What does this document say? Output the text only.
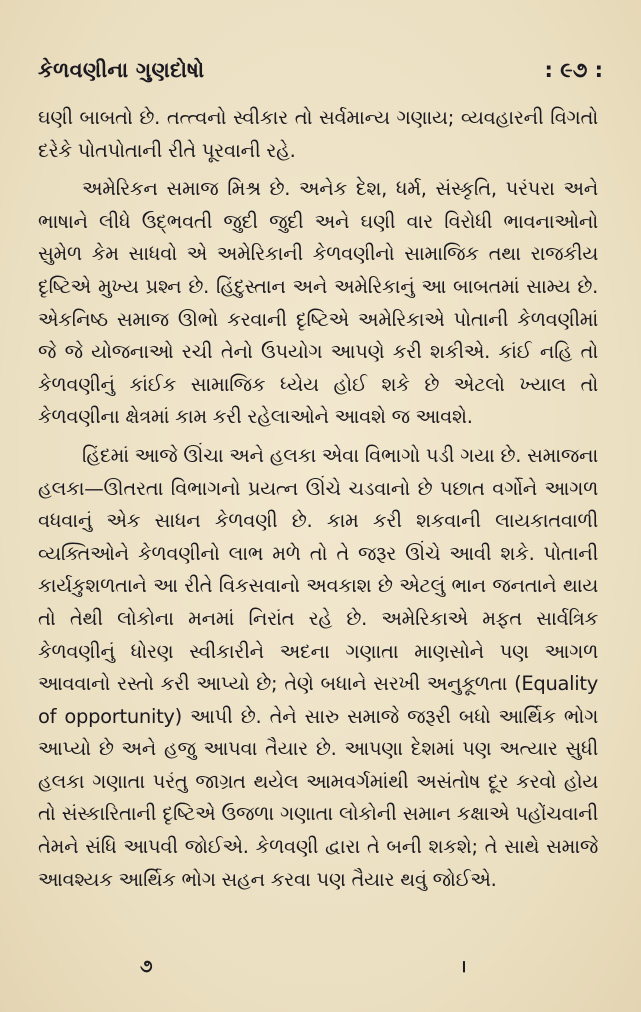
કેળવણીના ગુણદોષો	: ૯૭ :

ઘણી બાબતો છે. તત્ત્વનો સ્વીકાર તો સર્વમાન્ય ગણાય; વ્યવહારની વિગતો દરેકે પોતપોતાની રીતે પૂરવાની રહે.

અમેરિકન સમાજ મિશ્ર છે. અનેક દેશ, ધર્મ, સંસ્કૃતિ, પરંપરા અને ભાષાને લીધે ઉદ્ભવતી જુદી જુદી અને ઘણી વાર વિરોધી ભાવનાઓનો સુમેળ કેમ સાધવો એ અમેરિકાની કેળવણીનો સામાજિક તથા રાજકીય દૃષ્ટિએ મુખ્ય પ્રશ્ન છે. હિંદુસ્તાન અને અમેરિકાનું આ બાબતમાં સામ્ય છે. એકનિષ્ઠ સમાજ ઊભો કરવાની દૃષ્ટિએ અમેરિકાએ પોતાની કેળવણીમાં જે જે યોજનાઓ રચી તેનો ઉપયોગ આપણે કરી શકીએ. કાંઈ નહિ તો કેળવણીનું કાંઈક સામાજિક ધ્યેય હોઈ શકે છે એટલો ખ્યાલ તો કેળવણીના ક્ષેત્રમાં કામ કરી રહેલાઓને આવશે જ આવશે.

હિંદમાં આજે ઊંચા અને હલકા એવા વિભાગો પડી ગયા છે. સમાજના હલકા—ઊતરતા વિભાગનો પ્રયત્ન ઊંચે ચડવાનો છે પછાત વર્ગોને આગળ વધવાનું એક સાધન કેળવણી છે. કામ કરી શકવાની લાયકાતવાળી વ્યક્તિઓને કેળવણીનો લાભ મળે તો તે જરૂર ઊંચે આવી શકે. પોતાની કાર્યકુશળતાને આ રીતે વિકસવાનો અવકાશ છે એટલું ભાન જનતાને થાય તો તેથી લોકોના મનમાં નિરાંત રહે છે. અમેરિકાએ મફત સાર્વત્રિક કેળવણીનું ધોરણ સ્વીકારીને અદના ગણાતા માણસોને પણ આગળ આવવાનો રસ્તો કરી આપ્યો છે; તેણે બધાને સરખી અનુકૂળતા (Equality of opportunity) આપી છે. તેને સારુ સમાજે જરૂરી બધો આર્થિક ભોગ આપ્યો છે અને હજુ આપવા તૈયાર છે. આપણા દેશમાં પણ અત્યાર સુધી હલકા ગણાતા પરંતુ જાગ્રત થયેલ આમવર્ગમાંથી અસંતોષ દૂર કરવો હોય તો સંસ્કારિતાની દૃષ્ટિએ ઉજળા ગણાતા લોકોની સમાન કક્ષાએ પહોંચવાની તેમને સંધિ આપવી જોઈએ. કેળવણી દ્વારા તે બની શકશે; તે સાથે સમાજે આવશ્યક આર્થિક ભોગ સહન કરવા પણ તૈયાર થવું જોઈએ.

૭	।
